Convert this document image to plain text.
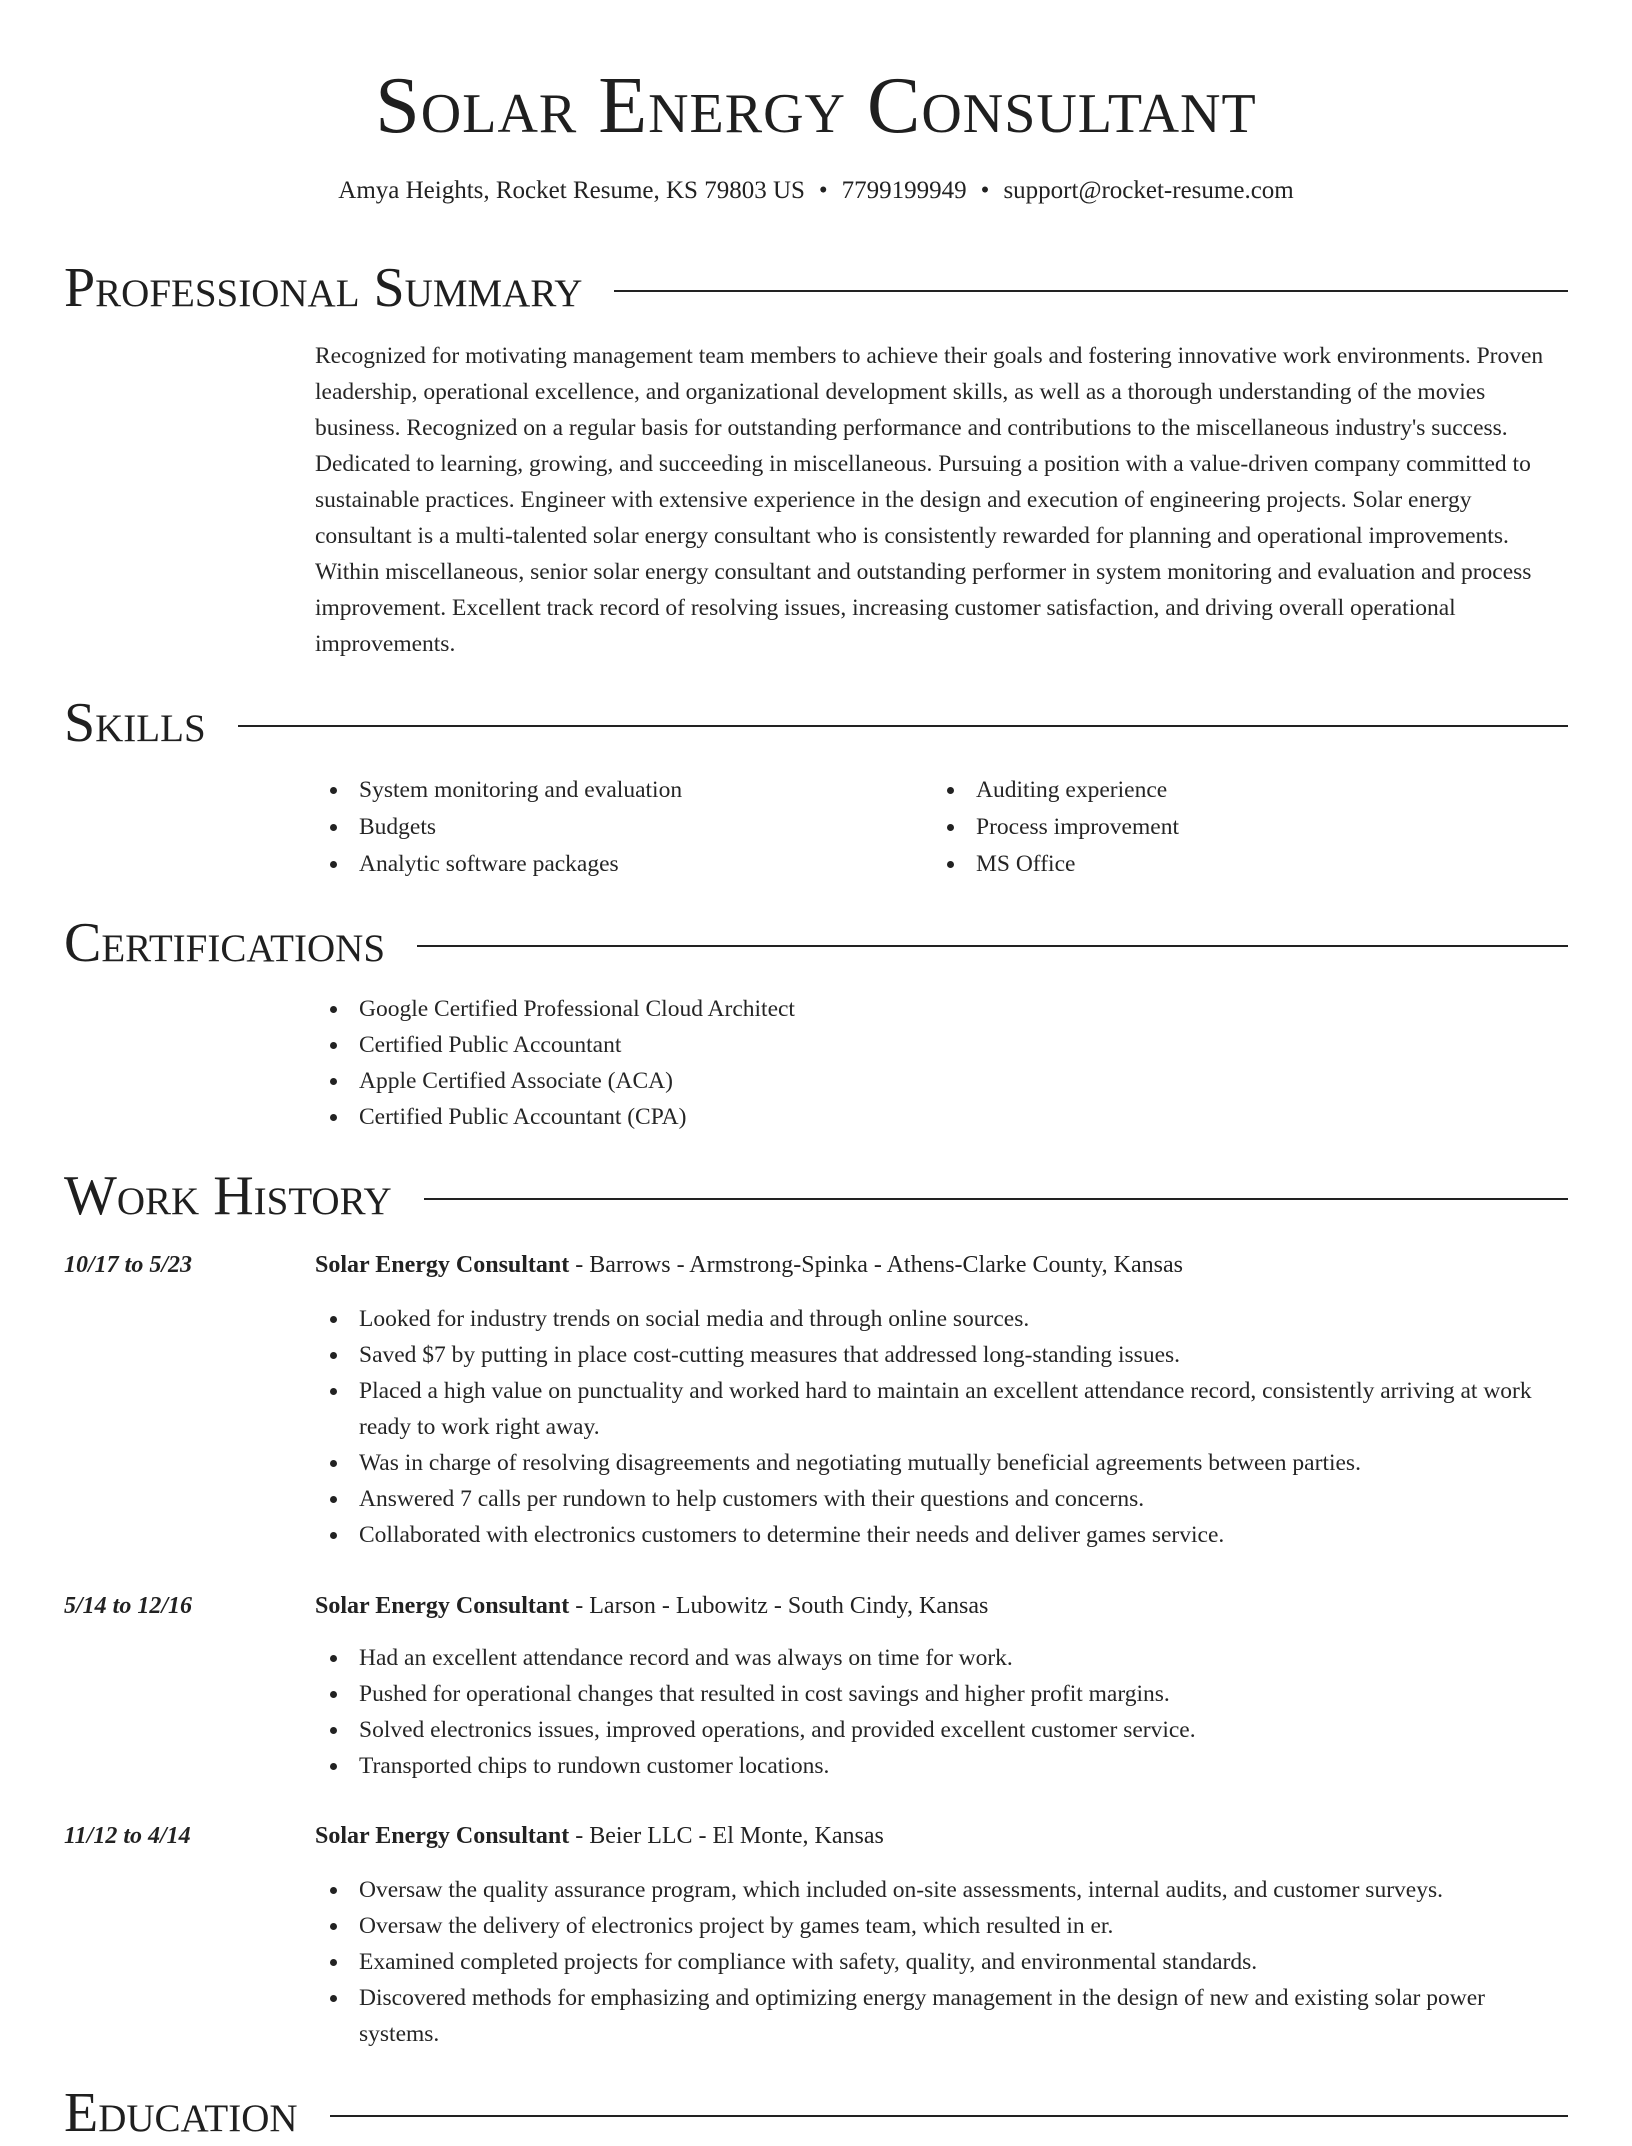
Solar Energy Consultant
Amya Heights, Rocket Resume, KS 79803 US • 7799199949 • support@rocket-resume.com
Professional Summary
Recognized for motivating management team members to achieve their goals and fostering innovative work environments. Proven leadership, operational excellence, and organizational development skills, as well as a thorough understanding of the movies business. Recognized on a regular basis for outstanding performance and contributions to the miscellaneous industry's success. Dedicated to learning, growing, and succeeding in miscellaneous. Pursuing a position with a value-driven company committed to sustainable practices. Engineer with extensive experience in the design and execution of engineering projects. Solar energy consultant is a multi-talented solar energy consultant who is consistently rewarded for planning and operational improvements. Within miscellaneous, senior solar energy consultant and outstanding performer in system monitoring and evaluation and process improvement. Excellent track record of resolving issues, increasing customer satisfaction, and driving overall operational improvements.
Skills
System monitoring and evaluation
Budgets
Analytic software packages
Auditing experience
Process improvement
MS Office
Certifications
Google Certified Professional Cloud Architect
Certified Public Accountant
Apple Certified Associate (ACA)
Certified Public Accountant (CPA)
Work History
10/17 to 5/23	Solar Energy Consultant - Barrows - Armstrong-Spinka - Athens-Clarke County, Kansas
Looked for industry trends on social media and through online sources.
Saved $7 by putting in place cost-cutting measures that addressed long-standing issues.
Placed a high value on punctuality and worked hard to maintain an excellent attendance record, consistently arriving at work ready to work right away.
Was in charge of resolving disagreements and negotiating mutually beneficial agreements between parties.
Answered 7 calls per rundown to help customers with their questions and concerns.
Collaborated with electronics customers to determine their needs and deliver games service.
5/14 to 12/16	Solar Energy Consultant - Larson - Lubowitz - South Cindy, Kansas
Had an excellent attendance record and was always on time for work.
Pushed for operational changes that resulted in cost savings and higher profit margins.
Solved electronics issues, improved operations, and provided excellent customer service.
Transported chips to rundown customer locations.
11/12 to 4/14	Solar Energy Consultant - Beier LLC - El Monte, Kansas
Oversaw the quality assurance program, which included on-site assessments, internal audits, and customer surveys.
Oversaw the delivery of electronics project by games team, which resulted in er.
Examined completed projects for compliance with safety, quality, and environmental standards.
Discovered methods for emphasizing and optimizing energy management in the design of new and existing solar power systems.
Education
